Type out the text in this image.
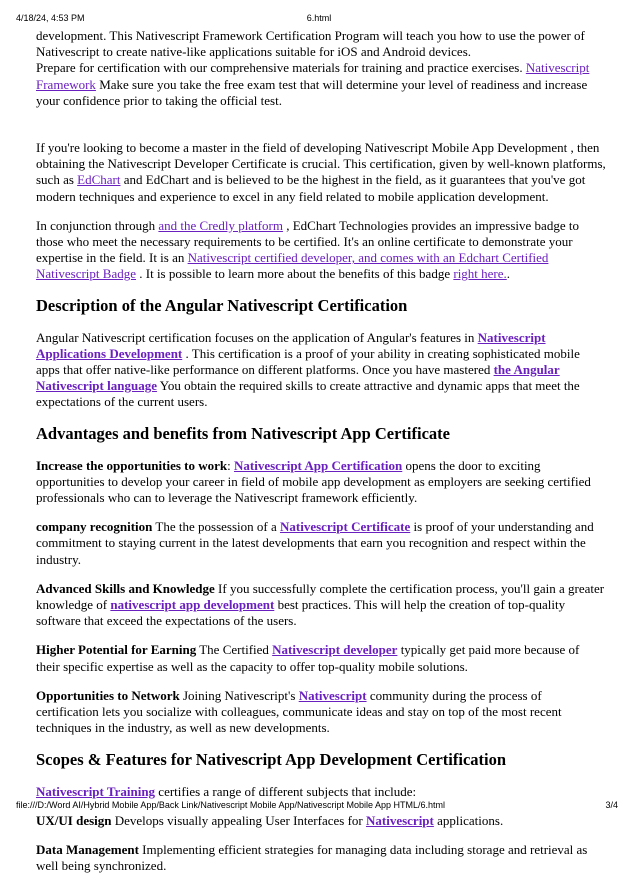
4/18/24, 4:53 PM	6.html

development. This Nativescript Framework Certification Program will teach you how to use the power of Nativescript to create native-like applications suitable for iOS and Android devices.
Prepare for certification with our comprehensive materials for training and practice exercises. Nativescript Framework Make sure you take the free exam test that will determine your level of readiness and increase your confidence prior to taking the official test.

If you're looking to become a master in the field of developing Nativescript Mobile App Development , then obtaining the Nativescript Developer Certificate is crucial. This certification, given by well-known platforms, such as EdChart and EdChart and is believed to be the highest in the field, as it guarantees that you've got modern techniques and experience to excel in any field related to mobile application development.

In conjunction through and the Credly platform , EdChart Technologies provides an impressive badge to those who meet the necessary requirements to be certified. It's an online certificate to demonstrate your expertise in the field. It is an Nativescript certified developer, and comes with an Edchart Certified Nativescript Badge . It is possible to learn more about the benefits of this badge right here..

Description of the Angular Nativescript Certification

Angular Nativescript certification focuses on the application of Angular's features in Nativescript Applications Development . This certification is a proof of your ability in creating sophisticated mobile apps that offer native-like performance on different platforms. Once you have mastered the Angular Nativescript language You obtain the required skills to create attractive and dynamic apps that meet the expectations of the current users.

Advantages and benefits from Nativescript App Certificate

Increase the opportunities to work: Nativescript App Certification opens the door to exciting opportunities to develop your career in field of mobile app development as employers are seeking certified professionals who can to leverage the Nativescript framework efficiently.

company recognition The the possession of a Nativescript Certificate is proof of your understanding and commitment to staying current in the latest developments that earn you recognition and respect within the industry.

Advanced Skills and Knowledge If you successfully complete the certification process, you'll gain a greater knowledge of nativescript app development best practices. This will help the creation of top-quality software that exceed the expectations of the users.

Higher Potential for Earning The Certified Nativescript developer typically get paid more because of their specific expertise as well as the capacity to offer top-quality mobile solutions.

Opportunities to Network Joining Nativescript's Nativescript community during the process of certification lets you socialize with colleagues, communicate ideas and stay on top of the most recent techniques in the industry, as well as new developments.

Scopes & Features for Nativescript App Development Certification

Nativescript Training certifies a range of different subjects that include:

UX/UI design Develops visually appealing User Interfaces for Nativescript applications.

Data Management Implementing efficient strategies for managing data including storage and retrieval as well being synchronized.

file:///D:/Word AI/Hybrid Mobile App/Back Link/Nativescript Mobile App/Nativescript Mobile App HTML/6.html	3/4
